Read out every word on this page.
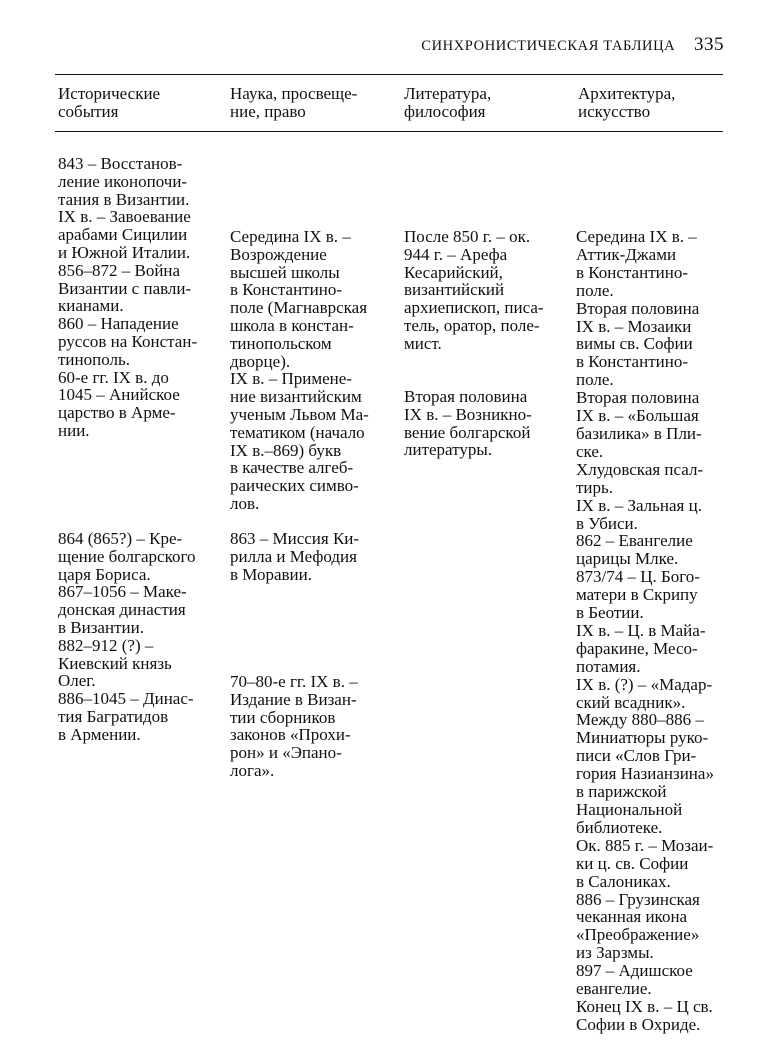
СИНХРОНИСТИЧЕСКАЯ ТАБЛИЦА 335
Исторические
события
Наука, просвеще-
ние, право
Литература,
философия
Архитектура,
искусство

843 – Восстанов-
ление иконопочи-
тания в Византии.
IX в. – Завоевание
арабами Сицилии
и Южной Италии.
856–872 – Война
Византии с павли-
кианами.
860 – Нападение
руссов на Констан-
тинополь.
60-е гг. IX в. до
1045 – Анийское
царство в Арме-
нии.

864 (865?) – Кре-
щение болгарского
царя Бориса.
867–1056 – Маке-
донская династия
в Византии.
882–912 (?) –
Киевский князь
Олег.
886–1045 – Динас-
тия Багратидов
в Армении.

Середина IX в. –
Возрождение
высшей школы
в Константино-
поле (Магнаврская
школа в констан-
тинопольском
дворце).
IX в. – Примене-
ние византийским
ученым Львом Ма-
тематиком (начало
IX в.–869) букв
в качестве алгеб-
раических симво-
лов.

863 – Миссия Ки-
рилла и Мефодия
в Моравии.

70–80-е гг. IX в. –
Издание в Визан-
тии сборников
законов «Прохи-
рон» и «Эпано-
лога».

После 850 г. – ок.
944 г. – Арефа
Кесарийский,
византийский
архиепископ, писа-
тель, оратор, поле-
мист.

Вторая половина
IX в. – Возникно-
вение болгарской
литературы.

Середина IX в. –
Аттик-Джами
в Константино-
поле.
Вторая половина
IX в. – Мозаики
вимы св. Софии
в Константино-
поле.
Вторая половина
IX в. – «Большая
базилика» в Пли-
ске.
Хлудовская псал-
тирь.
IX в. – Зальная ц.
в Убиси.
862 – Евангелие
царицы Млке.
873/74 – Ц. Бого-
матери в Скрипу
в Беотии.
IX в. – Ц. в Майа-
фаракине, Месо-
потамия.
IX в. (?) – «Мадар-
ский всадник».
Между 880–886 –
Миниатюры руко-
писи «Слов Гри-
гория Назианзина»
в парижской
Национальной
библиотеке.
Ок. 885 г. – Мозаи-
ки ц. св. Софии
в Салониках.
886 – Грузинская
чеканная икона
«Преображение»
из Зарзмы.
897 – Адишское
евангелие.
Конец IX в. – Ц св.
Софии в Охриде.
